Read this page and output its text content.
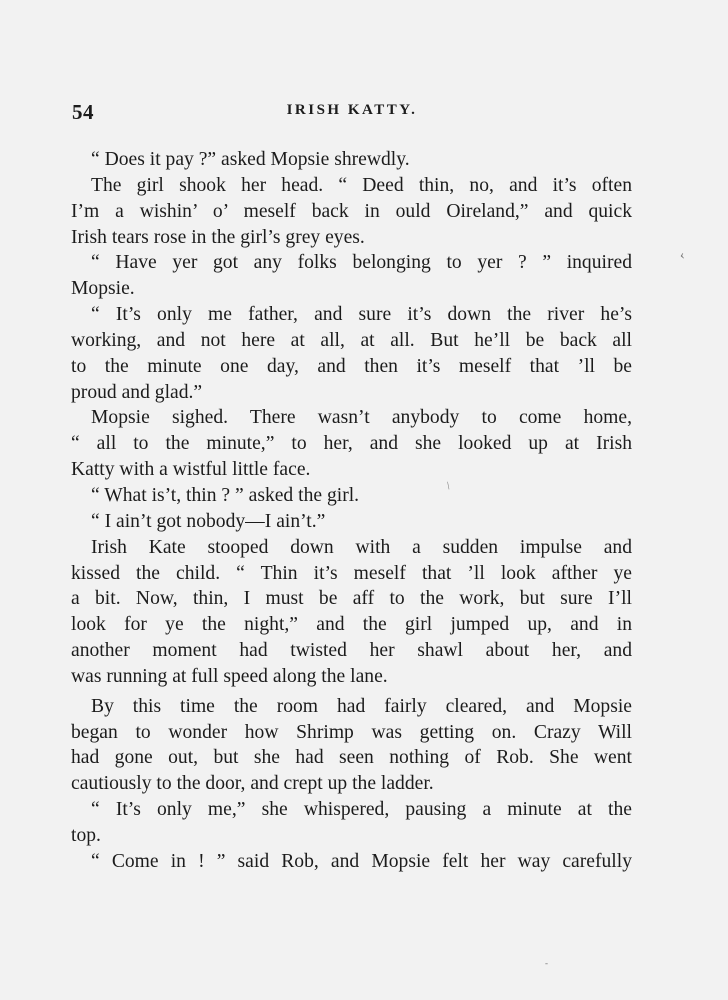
54	IRISH KATTY.
“ Does it pay ?” asked Mopsie shrewdly.
The girl shook her head. “ Deed thin, no, and it’s often
I’m a wishin’ o’ meself back in ould Oireland,” and quick
Irish tears rose in the girl’s grey eyes.
“ Have yer got any folks belonging to yer ? ” inquired
Mopsie.
“ It’s only me father, and sure it’s down the river he’s
working, and not here at all, at all. But he’ll be back all
to the minute one day, and then it’s meself that ’ll be
proud and glad.”
Mopsie sighed. There wasn’t anybody to come home,
“ all to the minute,” to her, and she looked up at Irish
Katty with a wistful little face.
“ What is’t, thin ? ” asked the girl.
“ I ain’t got nobody—I ain’t.”
Irish Kate stooped down with a sudden impulse and
kissed the child. “ Thin it’s meself that ’ll look afther ye
a bit. Now, thin, I must be aff to the work, but sure I’ll
look for ye the night,” and the girl jumped up, and in
another moment had twisted her shawl about her, and
was running at full speed along the lane.
By this time the room had fairly cleared, and Mopsie
began to wonder how Shrimp was getting on. Crazy Will
had gone out, but she had seen nothing of Rob. She went
cautiously to the door, and crept up the ladder.
“ It’s only me,” she whispered, pausing a minute at the
top.
“ Come in ! ” said Rob, and Mopsie felt her way carefully
‹
/
-
